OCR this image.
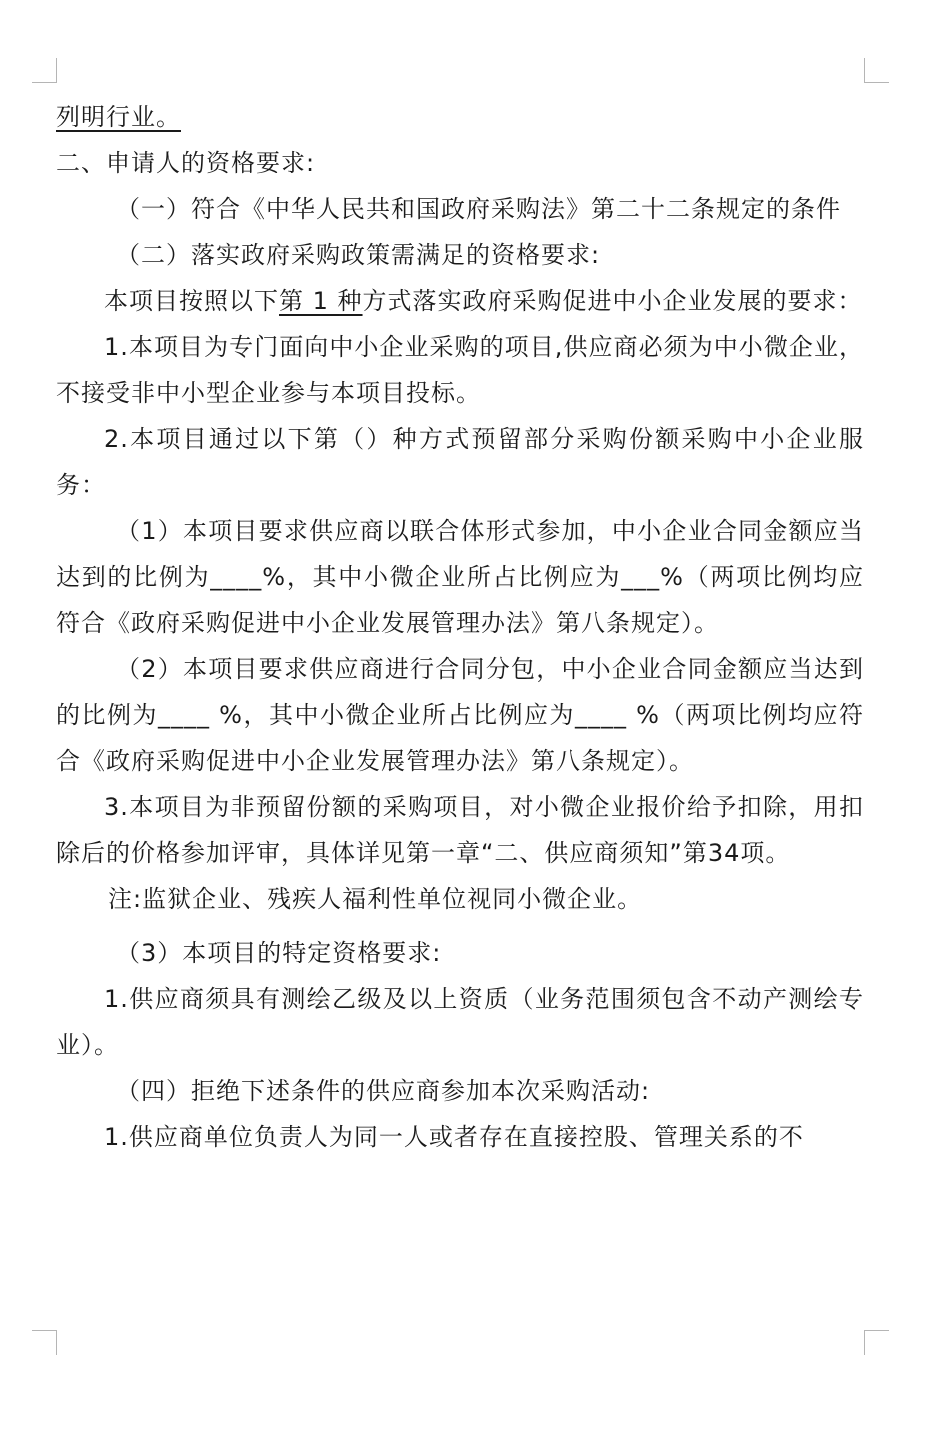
列明行业。

二、申请人的资格要求:

（一）符合《中华人民共和国政府采购法》第二十二条规定的条件

（二）落实政府采购政策需满足的资格要求:

本项目按照以下第 1 种方式落实政府采购促进中小企业发展的要求：

1.本项目为专门面向中小企业采购的项目,供应商必须为中小微企业，不接受非中小型企业参与本项目投标。

2.本项目通过以下第（）种方式预留部分采购份额采购中小企业服务：

（1）本项目要求供应商以联合体形式参加，中小企业合同金额应当达到的比例为____%，其中小微企业所占比例应为___%（两项比例均应符合《政府采购促进中小企业发展管理办法》第八条规定）。

（2）本项目要求供应商进行合同分包，中小企业合同金额应当达到的比例为____ %，其中小微企业所占比例应为____ %（两项比例均应符合《政府采购促进中小企业发展管理办法》第八条规定）。

3.本项目为非预留份额的采购项目，对小微企业报价给予扣除，用扣除后的价格参加评审，具体详见第一章“二、供应商须知”第34项。

注:监狱企业、残疾人福利性单位视同小微企业。

（3）本项目的特定资格要求:

1.供应商须具有测绘乙级及以上资质（业务范围须包含不动产测绘专业）。

（四）拒绝下述条件的供应商参加本次采购活动:

1.供应商单位负责人为同一人或者存在直接控股、管理关系的不
